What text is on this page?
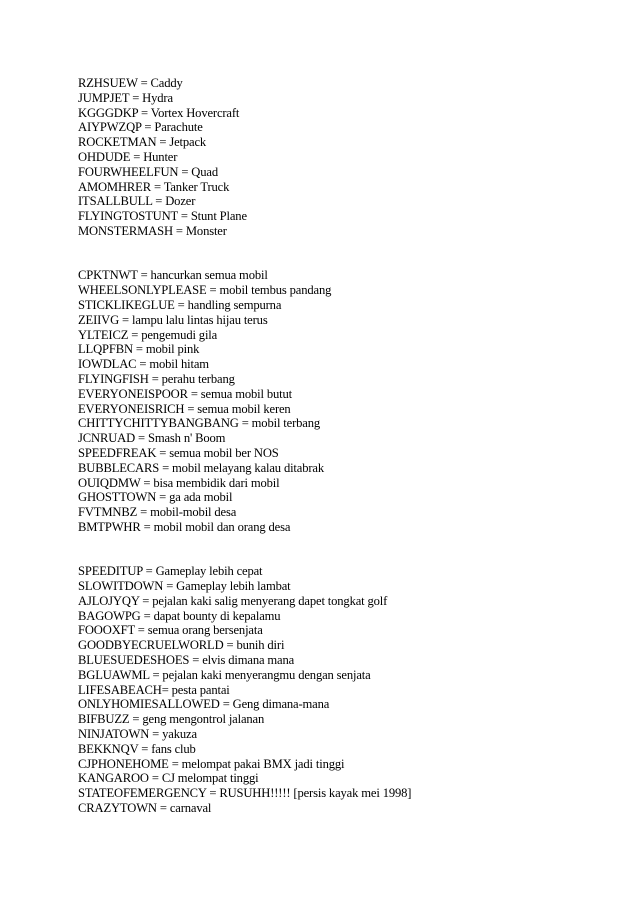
RZHSUEW = Caddy
JUMPJET = Hydra
KGGGDKP = Vortex Hovercraft
AIYPWZQP = Parachute
ROCKETMAN = Jetpack
OHDUDE = Hunter
FOURWHEELFUN = Quad
AMOMHRER = Tanker Truck
ITSALLBULL = Dozer
FLYINGTOSTUNT = Stunt Plane
MONSTERMASH = Monster
CPKTNWT = hancurkan semua mobil
WHEELSONLYPLEASE = mobil tembus pandang
STICKLIKEGLUE = handling sempurna
ZEIIVG = lampu lalu lintas hijau terus
YLTEICZ = pengemudi gila
LLQPFBN = mobil pink
IOWDLAC = mobil hitam
FLYINGFISH = perahu terbang
EVERYONEISPOOR = semua mobil butut
EVERYONEISRICH = semua mobil keren
CHITTYCHITTYBANGBANG = mobil terbang
JCNRUAD = Smash n' Boom
SPEEDFREAK = semua mobil ber NOS
BUBBLECARS = mobil melayang kalau ditabrak
OUIQDMW = bisa membidik dari mobil
GHOSTTOWN = ga ada mobil
FVTMNBZ = mobil-mobil desa
BMTPWHR = mobil mobil dan orang desa
SPEEDITUP = Gameplay lebih cepat
SLOWITDOWN = Gameplay lebih lambat
AJLOJYQY = pejalan kaki salig menyerang dapet tongkat golf
BAGOWPG = dapat bounty di kepalamu
FOOOXFT = semua orang bersenjata
GOODBYECRUELWORLD = bunih diri
BLUESUEDESHOES = elvis dimana mana
BGLUAWML = pejalan kaki menyerangmu dengan senjata
LIFESABEACH= pesta pantai
ONLYHOMIESALLOWED = Geng dimana-mana
BIFBUZZ = geng mengontrol jalanan
NINJATOWN = yakuza
BEKKNQV = fans club
CJPHONEHOME = melompat pakai BMX jadi tinggi
KANGAROO = CJ melompat tinggi
STATEOFEMERGENCY = RUSUHH!!!!! [persis kayak mei 1998]
CRAZYTOWN = carnaval
